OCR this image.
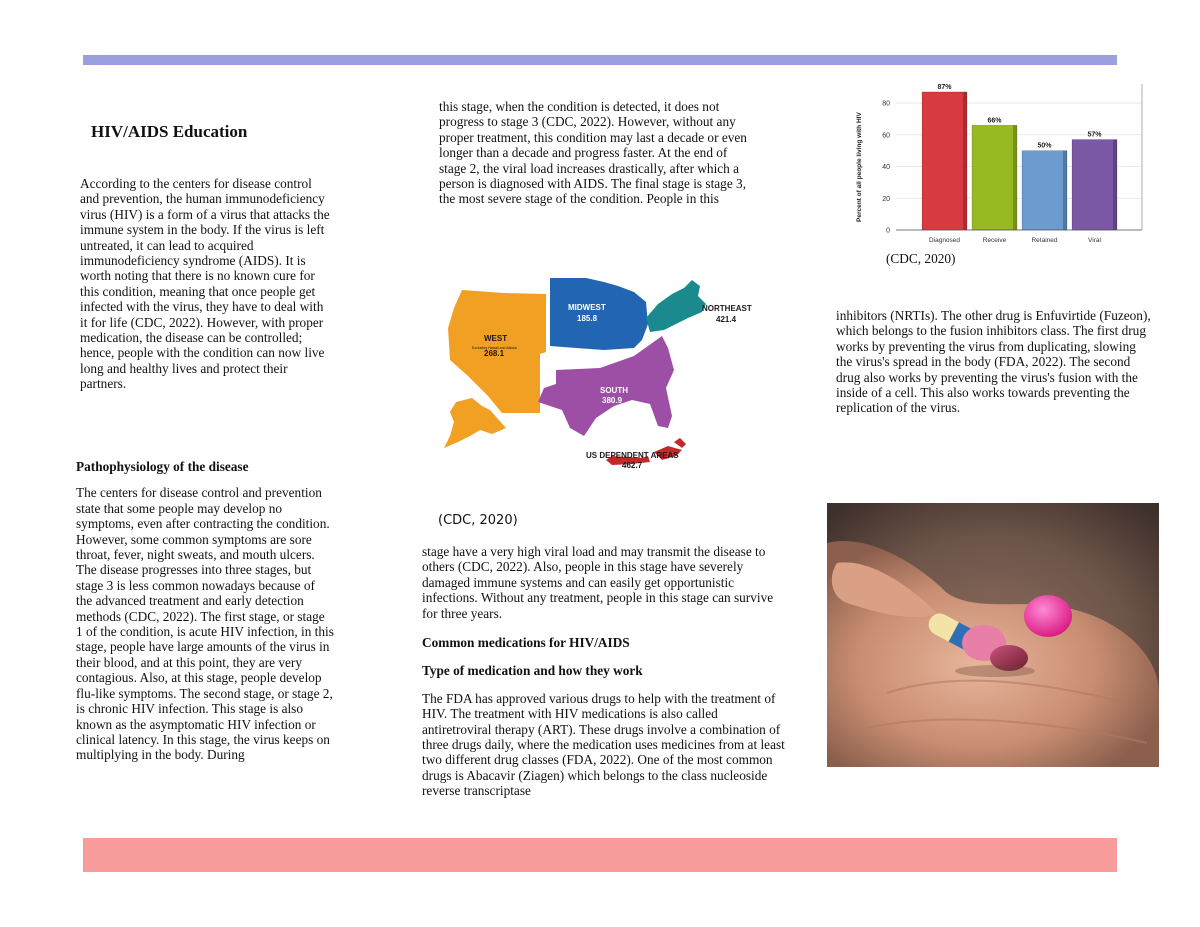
HIV/AIDS Education

According to the centers for disease control and prevention, the human immunodeficiency virus (HIV) is a form of a virus that attacks the immune system in the body. If the virus is left untreated, it can lead to acquired immunodeficiency syndrome (AIDS). It is worth noting that there is no known cure for this condition, meaning that once people get infected with the virus, they have to deal with it for life (CDC, 2022). However, with proper medication, the disease can be controlled; hence, people with the condition can now live long and healthy lives and protect their partners.

Pathophysiology of the disease

The centers for disease control and prevention state that some people may develop no symptoms, even after contracting the condition. However, some common symptoms are sore throat, fever, night sweats, and mouth ulcers. The disease progresses into three stages, but stage 3 is less common nowadays because of the advanced treatment and early detection methods (CDC, 2022). The first stage, or stage 1 of the condition, is acute HIV infection, in this stage, people have large amounts of the virus in their blood, and at this point, they are very contagious. Also, at this stage, people develop flu-like symptoms. The second stage, or stage 2, is chronic HIV infection. This stage is also known as the asymptomatic HIV infection or clinical latency. In this stage, the virus keeps on multiplying in the body. During

this stage, when the condition is detected, it does not progress to stage 3 (CDC, 2022). However, without any proper treatment, this condition may last a decade or even longer than a decade and progress faster. At the end of stage 2, the viral load increases drastically, after which a person is diagnosed with AIDS. The final stage is stage 3, the most severe stage of the condition. People in this

WEST
Excluding Hawaii and Alaska
268.1
MIDWEST
185.8
NORTHEAST
421.4
SOUTH
380.9
US DEPENDENT AREAS
462.7
(CDC, 2020)

stage have a very high viral load and may transmit the disease to others (CDC, 2022). Also, people in this stage have severely damaged immune systems and can easily get opportunistic infections. Without any treatment, people in this stage can survive for three years.

Common medications for HIV/AIDS

Type of medication and how they work

The FDA has approved various drugs to help with the treatment of HIV. The treatment with HIV medications is also called antiretroviral therapy (ART). These drugs involve a combination of three drugs daily, where the medication uses medicines from at least two different drug classes (FDA, 2022). One of the most common drugs is Abacavir (Ziagen) which belongs to the class nucleoside reverse transcriptase

87%
66%
50%
57%
0
20
40
60
80
Diagnosed	Receive	Retained	Viral
Percent of all people living with HIV
(CDC, 2020)

inhibitors (NRTIs). The other drug is Enfuvirtide (Fuzeon), which belongs to the fusion inhibitors class. The first drug works by preventing the virus from duplicating, slowing the virus's spread in the body (FDA, 2022). The second drug also works by preventing the virus's fusion with the inside of a cell. This also works towards preventing the replication of the virus.
